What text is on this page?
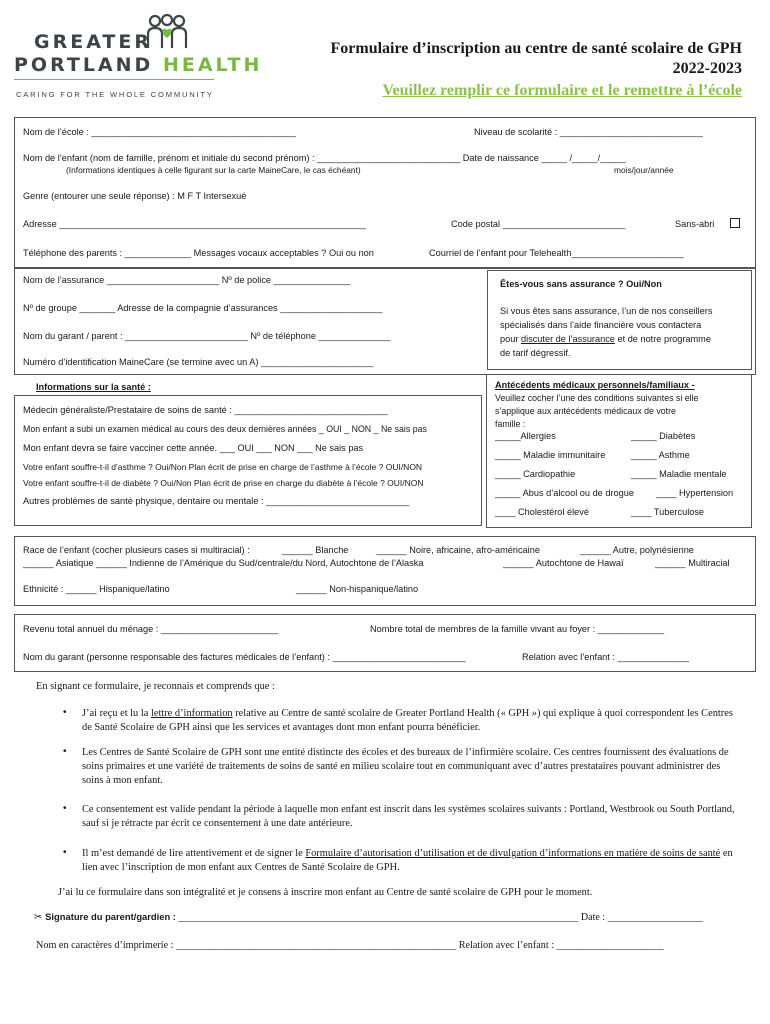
GREATER
PORTLAND HEALTH
CARING FOR THE WHOLE COMMUNITY
Formulaire d’inscription au centre de santé scolaire de GPH
2022-2023
Veuillez remplir ce formulaire et le remettre à l’école
Nom de l’école : ________________________________________	Niveau de scolarité : ____________________________
Nom de l’enfant (nom de famille, prénom et initiale du second prénom) : ____________________________ Date de naissance _____ /_____/_____
(Informations identiques à celle figurant sur la carte MaineCare, le cas échéant)	mois/jour/année
Genre (entourer une seule réponse) : M F T Intersexué
Adresse ____________________________________________________________	Code postal ________________________	Sans-abri
Téléphone des parents : _____________ Messages vocaux acceptables ? Oui ou non	Courriel de l’enfant pour Telehealth______________________
Nom de l’assurance ______________________ Nº de police _______________
Nº de groupe _______ Adresse de la compagnie d’assurances ____________________
Nom du garant / parent : ________________________ Nº de téléphone ______________
Numéro d’identification MaineCare (se termine avec un A) ______________________
Êtes-vous sans assurance ? Oui/Non
Si vous êtes sans assurance, l’un de nos conseillers
spécialisés dans l’aide financière vous contactera
pour discuter de l’assurance et de notre programme
de tarif dégressif.
Informations sur la santé :
Médecin généraliste/Prestataire de soins de santé : ______________________________
Mon enfant a subi un examen médical au cours des deux dernières années _ OUI _ NON _ Ne sais pas
Mon enfant devra se faire vacciner cette année. ___ OUI ___ NON ___ Ne sais pas
Votre enfant souffre-t-il d’asthme ? Oui/Non Plan écrit de prise en charge de l’asthme à l’école ? OUI/NON
Votre enfant souffre-t-il de diabète ? Oui/Non Plan écrit de prise en charge du diabète à l’école ? OUI/NON
Autres problèmes de santé physique, dentaire ou mentale : ____________________________
Antécédents médicaux personnels/familiaux -
Veuillez cocher l’une des conditions suivantes si elle
s’applique aux antécédents médicaux de votre
famille :
_____Allergies	_____ Diabètes
_____ Maladie immunitaire	_____ Asthme
_____ Cardiopathie	_____ Maladie mentale
_____ Abus d’alcool ou de drogue ____ Hypertension
____ Cholestérol élevé	____ Tuberculose
Race de l’enfant (cocher plusieurs cases si multiracial) :	______ Blanche	______ Noire, africaine, afro-américaine	______ Autre, polynésienne
______ Asiatique ______ Indienne de l’Amérique du Sud/centrale/du Nord, Autochtone de l’Alaska	______ Autochtone de Hawaï	______ Multiracial
Ethnicité : ______ Hispanique/latino	______ Non-hispanique/latino
Revenu total annuel du ménage : _______________________	Nombre total de membres de la famille vivant au foyer : _____________
Nom du garant (personne responsable des factures médicales de l’enfant) : __________________________	Relation avec l’enfant : ______________
En signant ce formulaire, je reconnais et comprends que :
• J’ai reçu et lu la lettre d’information relative au Centre de santé scolaire de Greater Portland Health (« GPH ») qui explique à quoi correspondent les Centres de Santé Scolaire de GPH ainsi que les services et avantages dont mon enfant pourra bénéficier.
• Les Centres de Santé Scolaire de GPH sont une entité distincte des écoles et des bureaux de l’infirmière scolaire. Ces centres fournissent des évaluations de soins primaires et une variété de traitements de soins de santé en milieu scolaire tout en communiquant avec d’autres prestataires pouvant administrer des soins à mon enfant.
• Ce consentement est valide pendant la période à laquelle mon enfant est inscrit dans les systèmes scolaires suivants : Portland, Westbrook ou South Portland, sauf si je rétracte par écrit ce consentement à une date antérieure.
• Il m’est demandé de lire attentivement et de signer le Formulaire d’autorisation d’utilisation et de divulgation d’informations en matière de soins de santé en lien avec l’inscription de mon enfant aux Centres de Santé Scolaire de GPH.
J’ai lu ce formulaire dans son intégralité et je consens à inscrire mon enfant au Centre de santé scolaire de GPH pour le moment.
✂ Signature du parent/gardien : ________________________________________________________________________________ Date : ___________________
Nom en caractères d’imprimerie : _______________________________________________________ Relation avec l’enfant : _____________________
